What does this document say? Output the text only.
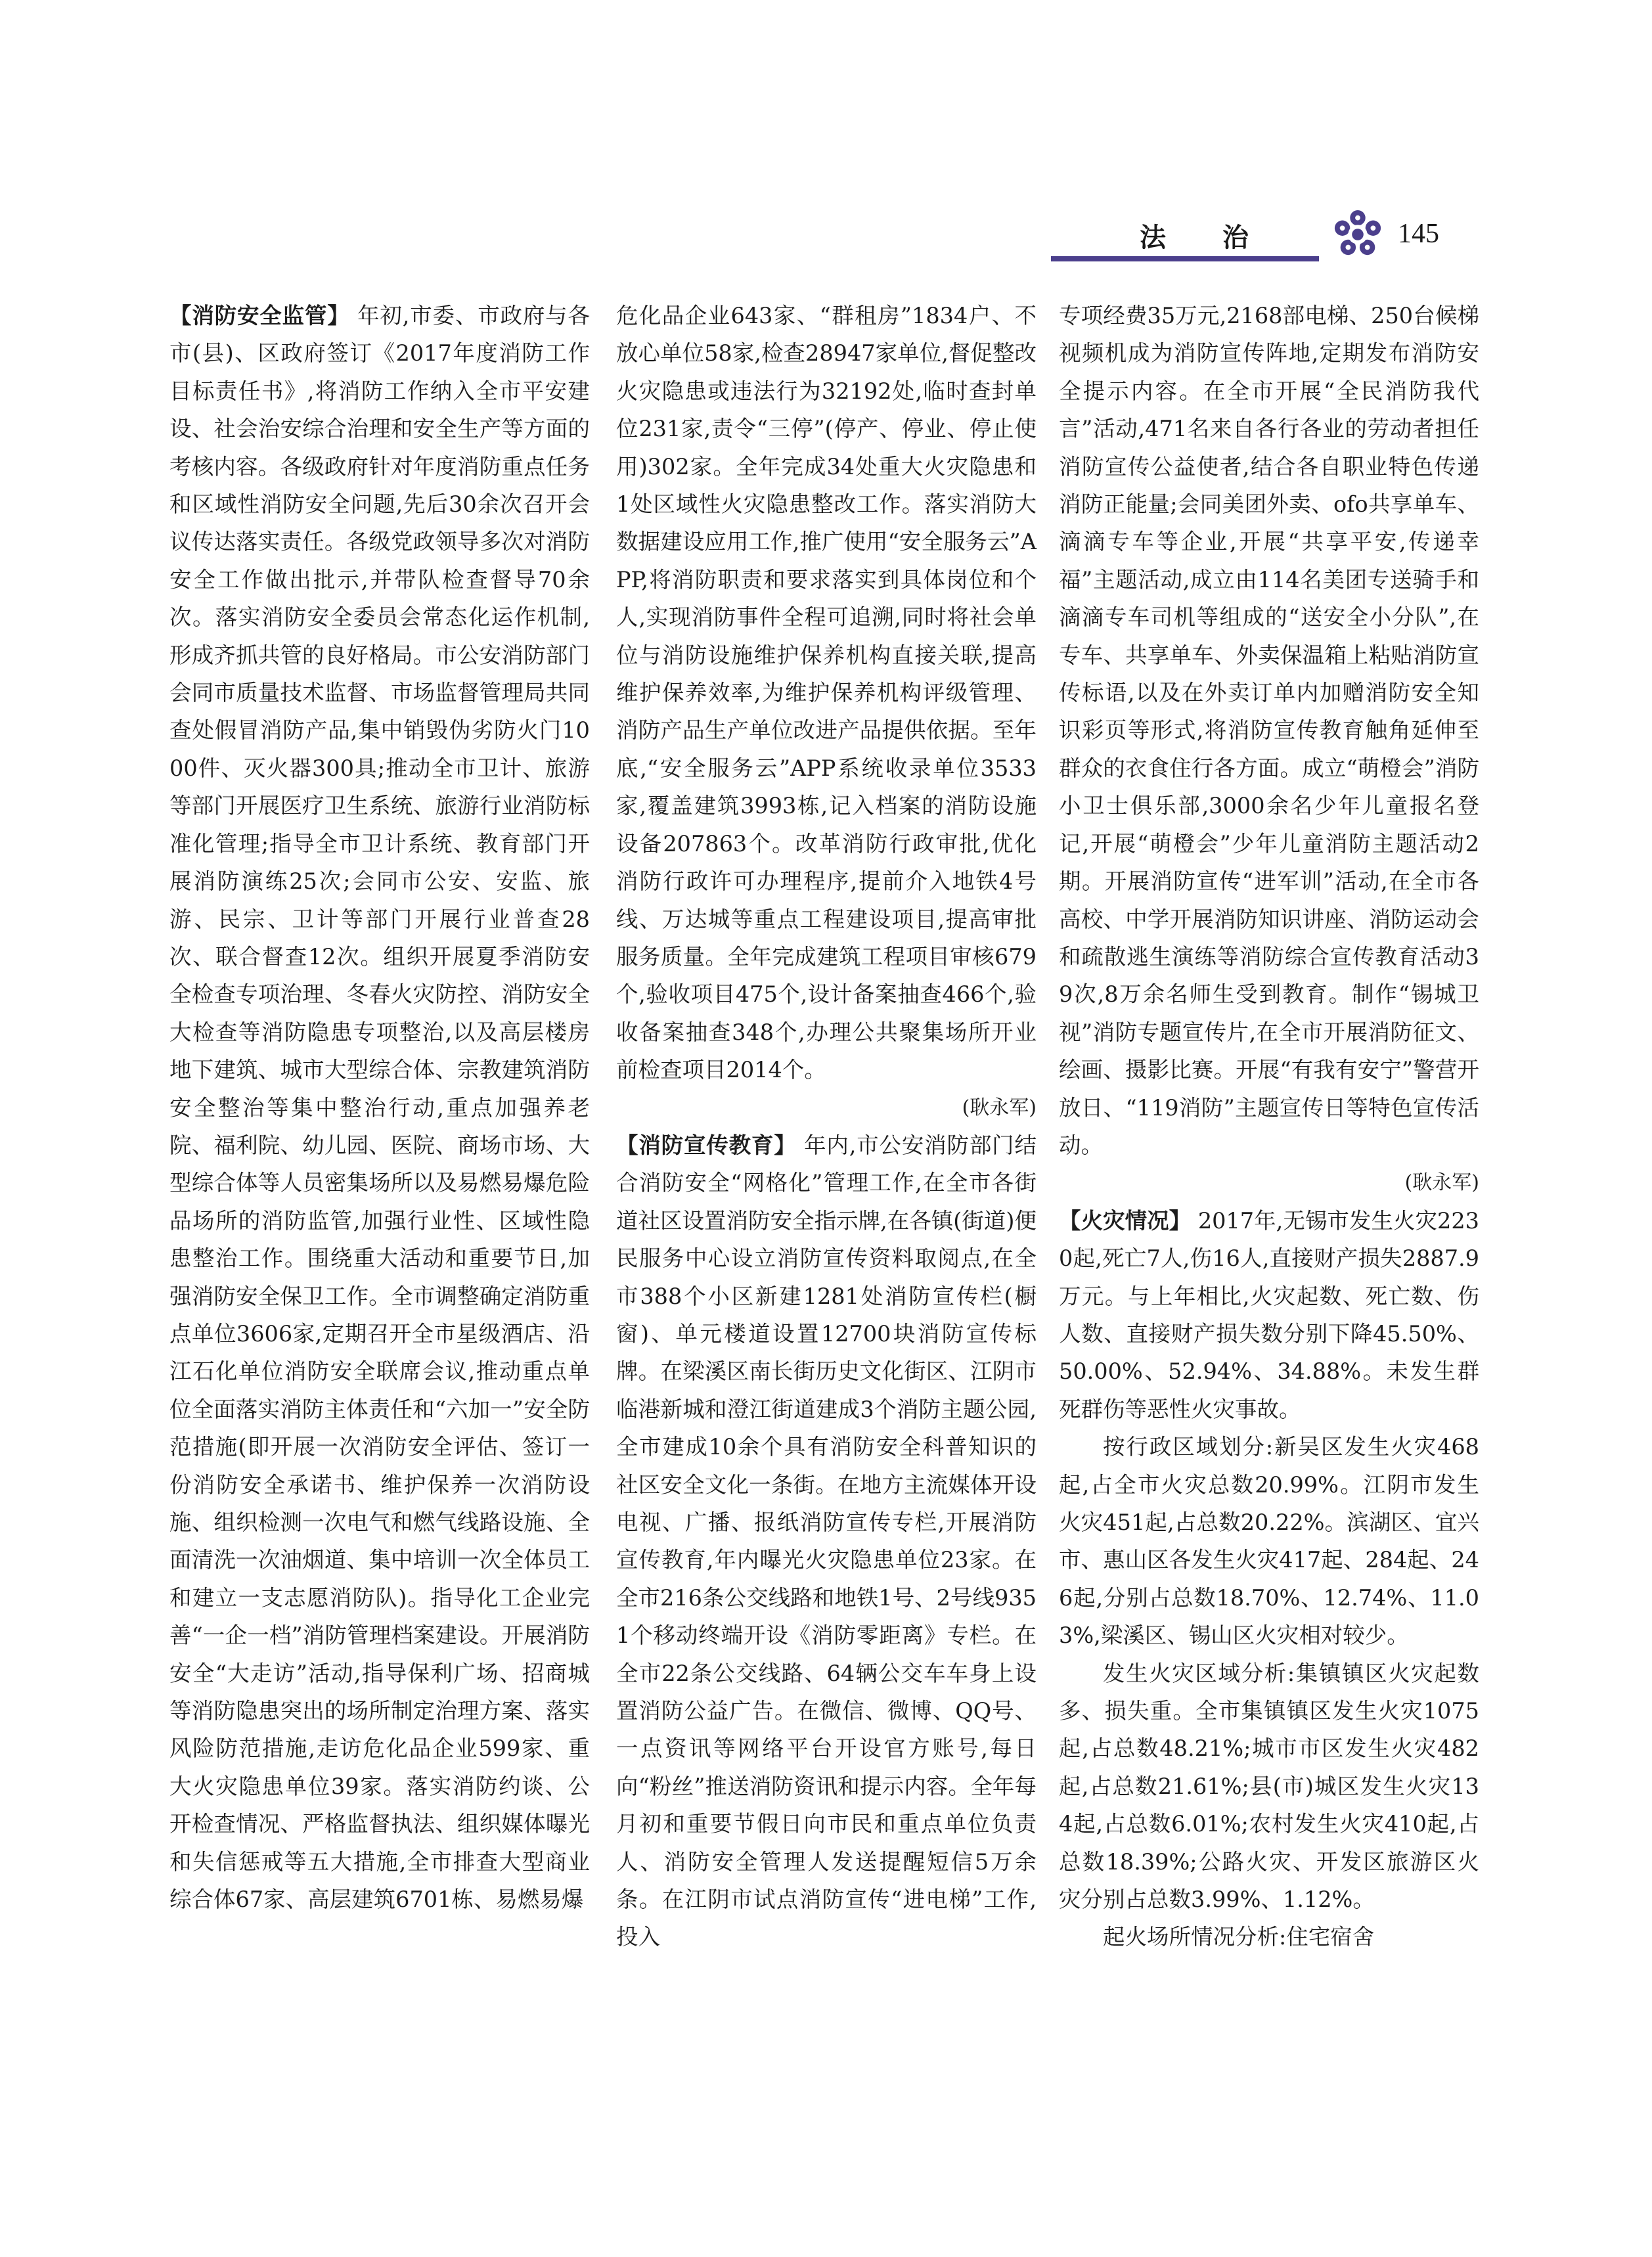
法 治	145

【消防安全监管】 年初,市委、市政府与各市(县)、区政府签订《2017年度消防工作目标责任书》,将消防工作纳入全市平安建设、社会治安综合治理和安全生产等方面的考核内容。各级政府针对年度消防重点任务和区域性消防安全问题,先后30余次召开会议传达落实责任。各级党政领导多次对消防安全工作做出批示,并带队检查督导70余次。落实消防安全委员会常态化运作机制,形成齐抓共管的良好格局。市公安消防部门会同市质量技术监督、市场监督管理局共同查处假冒消防产品,集中销毁伪劣防火门1000件、灭火器300具;推动全市卫计、旅游等部门开展医疗卫生系统、旅游行业消防标准化管理;指导全市卫计系统、教育部门开展消防演练25次;会同市公安、安监、旅游、民宗、卫计等部门开展行业普查28次、联合督查12次。组织开展夏季消防安全检查专项治理、冬春火灾防控、消防安全大检查等消防隐患专项整治,以及高层楼房地下建筑、城市大型综合体、宗教建筑消防安全整治等集中整治行动,重点加强养老院、福利院、幼儿园、医院、商场市场、大型综合体等人员密集场所以及易燃易爆危险品场所的消防监管,加强行业性、区域性隐患整治工作。围绕重大活动和重要节日,加强消防安全保卫工作。全市调整确定消防重点单位3606家,定期召开全市星级酒店、沿江石化单位消防安全联席会议,推动重点单位全面落实消防主体责任和“六加一”安全防范措施(即开展一次消防安全评估、签订一份消防安全承诺书、维护保养一次消防设施、组织检测一次电气和燃气线路设施、全面清洗一次油烟道、集中培训一次全体员工和建立一支志愿消防队)。指导化工企业完善“一企一档”消防管理档案建设。开展消防安全“大走访”活动,指导保利广场、招商城等消防隐患突出的场所制定治理方案、落实风险防范措施,走访危化品企业599家、重大火灾隐患单位39家。落实消防约谈、公开检查情况、严格监督执法、组织媒体曝光和失信惩戒等五大措施,全市排查大型商业综合体67家、高层建筑6701栋、易燃易爆

危化品企业643家、“群租房”1834户、不放心单位58家,检查28947家单位,督促整改火灾隐患或违法行为32192处,临时查封单位231家,责令“三停”(停产、停业、停止使用)302家。全年完成34处重大火灾隐患和1处区域性火灾隐患整改工作。落实消防大数据建设应用工作,推广使用“安全服务云”APP,将消防职责和要求落实到具体岗位和个人,实现消防事件全程可追溯,同时将社会单位与消防设施维护保养机构直接关联,提高维护保养效率,为维护保养机构评级管理、消防产品生产单位改进产品提供依据。至年底,“安全服务云”APP系统收录单位3533家,覆盖建筑3993栋,记入档案的消防设施设备207863个。改革消防行政审批,优化消防行政许可办理程序,提前介入地铁4号线、万达城等重点工程建设项目,提高审批服务质量。全年完成建筑工程项目审核679个,验收项目475个,设计备案抽查466个,验收备案抽查348个,办理公共聚集场所开业前检查项目2014个。

(耿永军)

【消防宣传教育】 年内,市公安消防部门结合消防安全“网格化”管理工作,在全市各街道社区设置消防安全指示牌,在各镇(街道)便民服务中心设立消防宣传资料取阅点,在全市388个小区新建1281处消防宣传栏(橱窗)、单元楼道设置12700块消防宣传标牌。在梁溪区南长街历史文化街区、江阴市临港新城和澄江街道建成3个消防主题公园,全市建成10余个具有消防安全科普知识的社区安全文化一条街。在地方主流媒体开设电视、广播、报纸消防宣传专栏,开展消防宣传教育,年内曝光火灾隐患单位23家。在全市216条公交线路和地铁1号、2号线9351个移动终端开设《消防零距离》专栏。在全市22条公交线路、64辆公交车车身上设置消防公益广告。在微信、微博、QQ号、一点资讯等网络平台开设官方账号,每日向“粉丝”推送消防资讯和提示内容。全年每月初和重要节假日向市民和重点单位负责人、消防安全管理人发送提醒短信5万余条。在江阴市试点消防宣传“进电梯”工作,投入

专项经费35万元,2168部电梯、250台候梯视频机成为消防宣传阵地,定期发布消防安全提示内容。在全市开展“全民消防我代言”活动,471名来自各行各业的劳动者担任消防宣传公益使者,结合各自职业特色传递消防正能量;会同美团外卖、ofo共享单车、滴滴专车等企业,开展“共享平安,传递幸福”主题活动,成立由114名美团专送骑手和滴滴专车司机等组成的“送安全小分队”,在专车、共享单车、外卖保温箱上粘贴消防宣传标语,以及在外卖订单内加赠消防安全知识彩页等形式,将消防宣传教育触角延伸至群众的衣食住行各方面。成立“萌橙会”消防小卫士俱乐部,3000余名少年儿童报名登记,开展“萌橙会”少年儿童消防主题活动2期。开展消防宣传“进军训”活动,在全市各高校、中学开展消防知识讲座、消防运动会和疏散逃生演练等消防综合宣传教育活动39次,8万余名师生受到教育。制作“锡城卫视”消防专题宣传片,在全市开展消防征文、绘画、摄影比赛。开展“有我有安宁”警营开放日、“119消防”主题宣传日等特色宣传活动。

(耿永军)

【火灾情况】 2017年,无锡市发生火灾2230起,死亡7人,伤16人,直接财产损失2887.9万元。与上年相比,火灾起数、死亡数、伤人数、直接财产损失数分别下降45.50%、50.00%、52.94%、34.88%。未发生群死群伤等恶性火灾事故。

按行政区域划分:新吴区发生火灾468起,占全市火灾总数20.99%。江阴市发生火灾451起,占总数20.22%。滨湖区、宜兴市、惠山区各发生火灾417起、284起、246起,分别占总数18.70%、12.74%、11.03%,梁溪区、锡山区火灾相对较少。

发生火灾区域分析:集镇镇区火灾起数多、损失重。全市集镇镇区发生火灾1075起,占总数48.21%;城市市区发生火灾482起,占总数21.61%;县(市)城区发生火灾134起,占总数6.01%;农村发生火灾410起,占总数18.39%;公路火灾、开发区旅游区火灾分别占总数3.99%、1.12%。

起火场所情况分析:住宅宿舍
